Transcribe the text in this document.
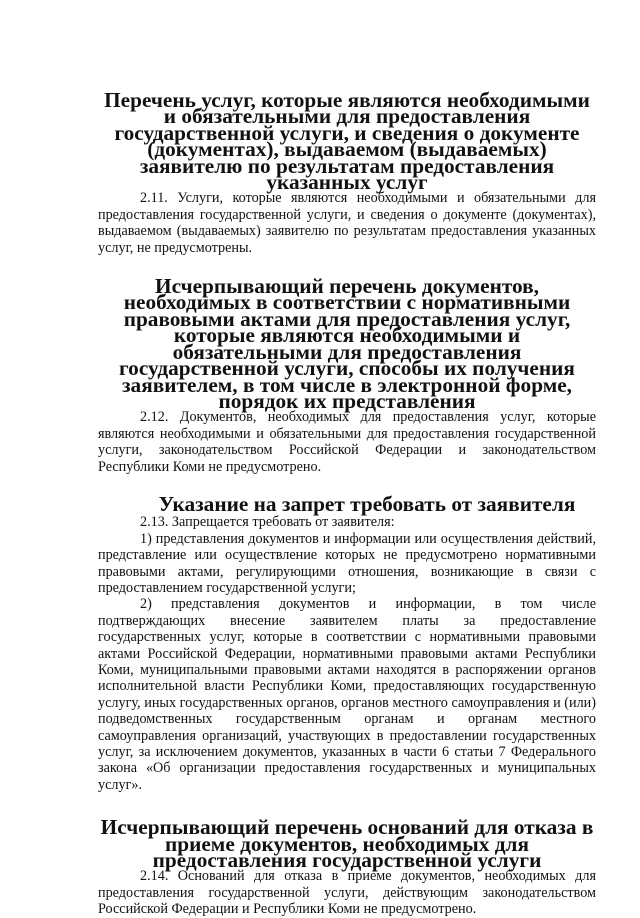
Перечень услуг, которые являются необходимыми и обязательными для предоставления государственной услуги, и сведения о документе (документах), выдаваемом (выдаваемых) заявителю по результатам предоставления указанных услуг

2.11. Услуги, которые являются необходимыми и обязательными для предоставления государственной услуги, и сведения о документе (документах), выдаваемом (выдаваемых) заявителю по результатам предоставления указанных услуг, не предусмотрены.

Исчерпывающий перечень документов, необходимых в соответствии с нормативными правовыми актами для предоставления услуг, которые являются необходимыми и обязательными для предоставления государственной услуги, способы их получения заявителем, в том числе в электронной форме, порядок их представления

2.12. Документов, необходимых для предоставления услуг, которые являются необходимыми и обязательными для предоставления государственной услуги, законодательством Российской Федерации и законодательством Республики Коми не предусмотрено.

Указание на запрет требовать от заявителя

2.13. Запрещается требовать от заявителя:

1) представления документов и информации или осуществления действий, представление или осуществление которых не предусмотрено нормативными правовыми актами, регулирующими отношения, возникающие в связи с предоставлением государственной услуги;

2) представления документов и информации, в том числе подтверждающих внесение заявителем платы за предоставление государственных услуг, которые в соответствии с нормативными правовыми актами Российской Федерации, нормативными правовыми актами Республики Коми, муниципальными правовыми актами находятся в распоряжении органов исполнительной власти Республики Коми, предоставляющих государственную услугу, иных государственных органов, органов местного самоуправления и (или) подведомственных государственным органам и органам местного самоуправления организаций, участвующих в предоставлении государственных услуг, за исключением документов, указанных в части 6 статьи 7 Федерального закона «Об организации предоставления государственных и муниципальных услуг».

Исчерпывающий перечень оснований для отказа в приеме документов, необходимых для предоставления государственной услуги

2.14. Оснований для отказа в приеме документов, необходимых для предоставления государственной услуги, действующим законодательством Российской Федерации и Республики Коми не предусмотрено.
